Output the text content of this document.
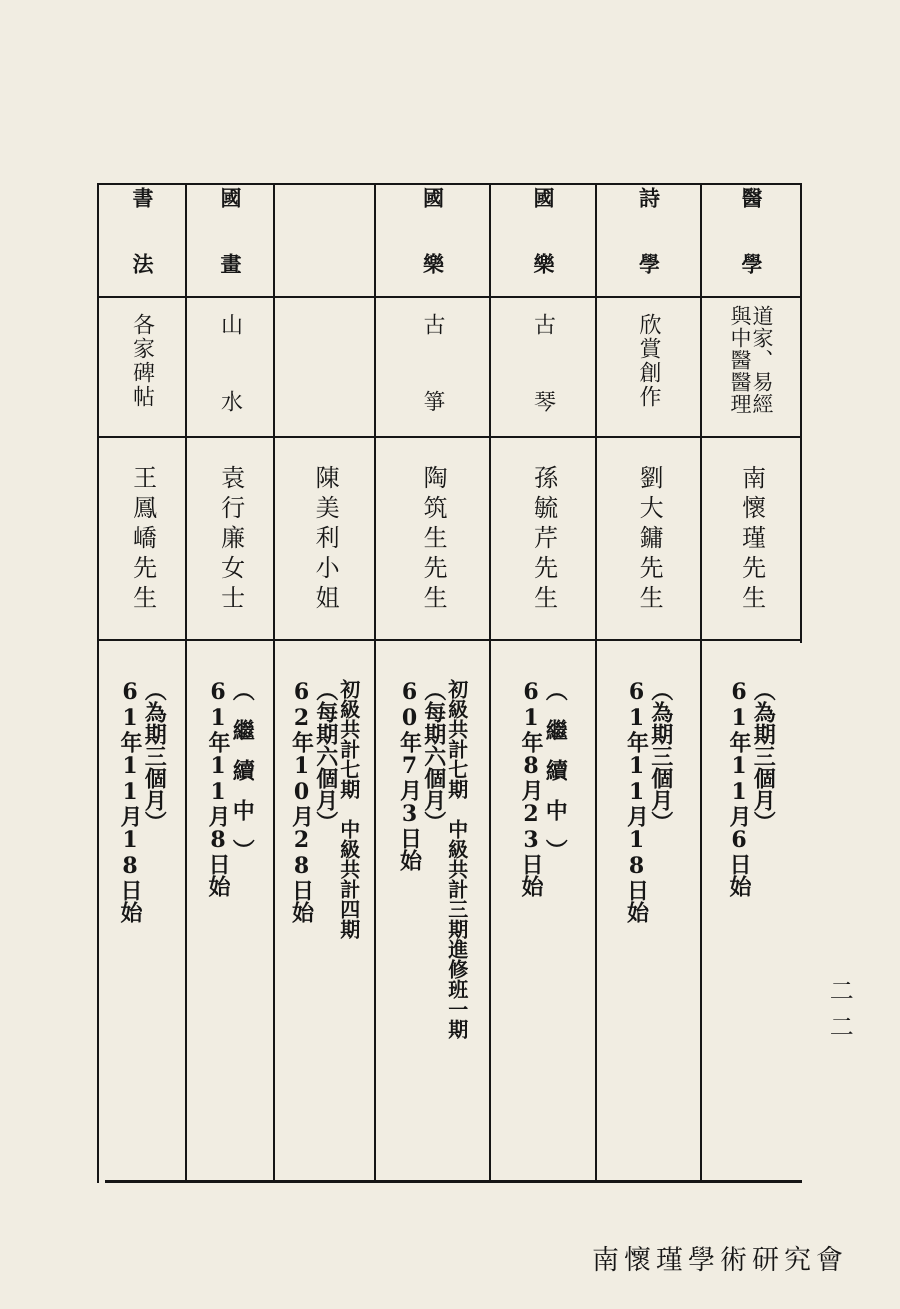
醫學
道家、易經
與中醫醫理
南懷瑾先生
61年11月6日始
（為期三個月）
詩學
欣賞創作
劉大鏞先生
61年11月18日始
（為期三個月）
國樂
古琴
孫毓芹先生
61年8月23日始
（繼續中）
國樂
古箏
陶筑生先生
60年7月3日始
（每期六個月）
初級共計七期　中級共計三期進修班一期
陳美利小姐
62年10月28日始
（每期六個月）
初級共計七期　中級共計四期
國畫
山水
袁行廉女士
61年11月8日始
（繼續中）
書法
各家碑帖
王鳳嶠先生
61年11月18日始
（為期三個月）
二二
南懷瑾學術研究會
